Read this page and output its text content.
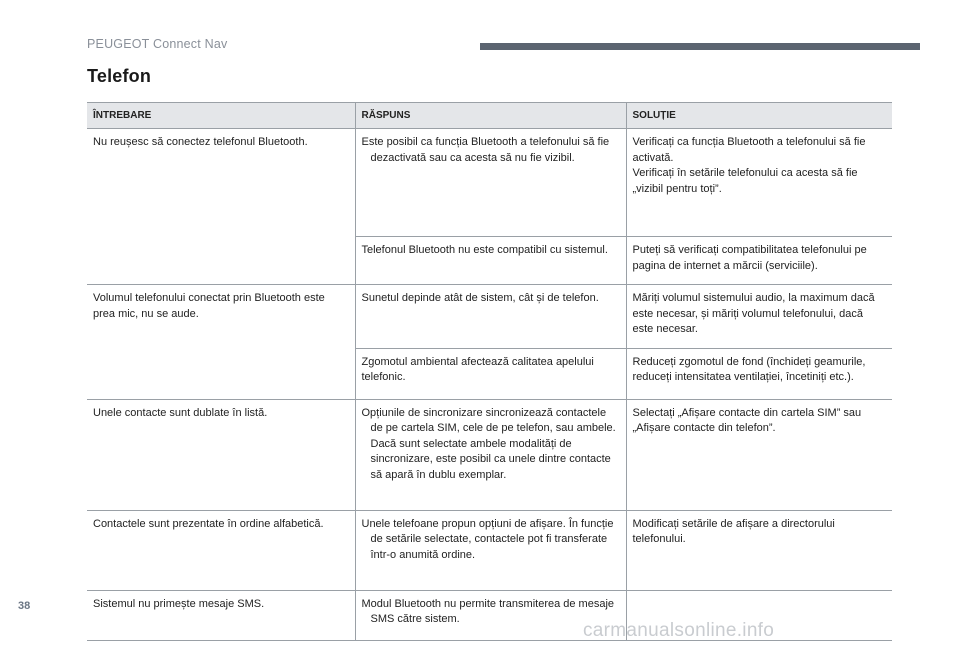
PEUGEOT Connect Nav
Telefon
ÎNTREBARE	RĂSPUNS	SOLUȚIE
Nu reușesc să conectez telefonul Bluetooth.	Este posibil ca funcția Bluetooth a telefonului să fie dezactivată sau ca acesta să nu fie vizibil.	Verificați ca funcția Bluetooth a telefonului să fie activată.
Verificați în setările telefonului ca acesta să fie „vizibil pentru toți”.

	Telefonul Bluetooth nu este compatibil cu sistemul.	Puteți să verificați compatibilitatea telefonului pe pagina de internet a mărcii (serviciile).
Volumul telefonului conectat prin Bluetooth este prea mic, nu se aude.	Sunetul depinde atât de sistem, cât și de telefon.	Măriți volumul sistemului audio, la maximum dacă este necesar, și măriți volumul telefonului, dacă este necesar.
	Zgomotul ambiental afectează calitatea apelului telefonic.	Reduceți zgomotul de fond (închideți geamurile, reduceți intensitatea ventilației, încetiniți etc.).
Unele contacte sunt dublate în listă.	Opțiunile de sincronizare sincronizează contactele de pe cartela SIM, cele de pe telefon, sau ambele. Dacă sunt selectate ambele modalități de sincronizare, este posibil ca unele dintre contacte să apară în dublu exemplar.	Selectați „Afișare contacte din cartela SIM” sau „Afișare contacte din telefon”.
Contactele sunt prezentate în ordine alfabetică.	Unele telefoane propun opțiuni de afișare. În funcție de setările selectate, contactele pot fi transferate într-o anumită ordine.	Modificați setările de afișare a directorului telefonului.
Sistemul nu primește mesaje SMS.	Modul Bluetooth nu permite transmiterea de mesaje SMS către sistem.	

38
carmanualsonline.info
